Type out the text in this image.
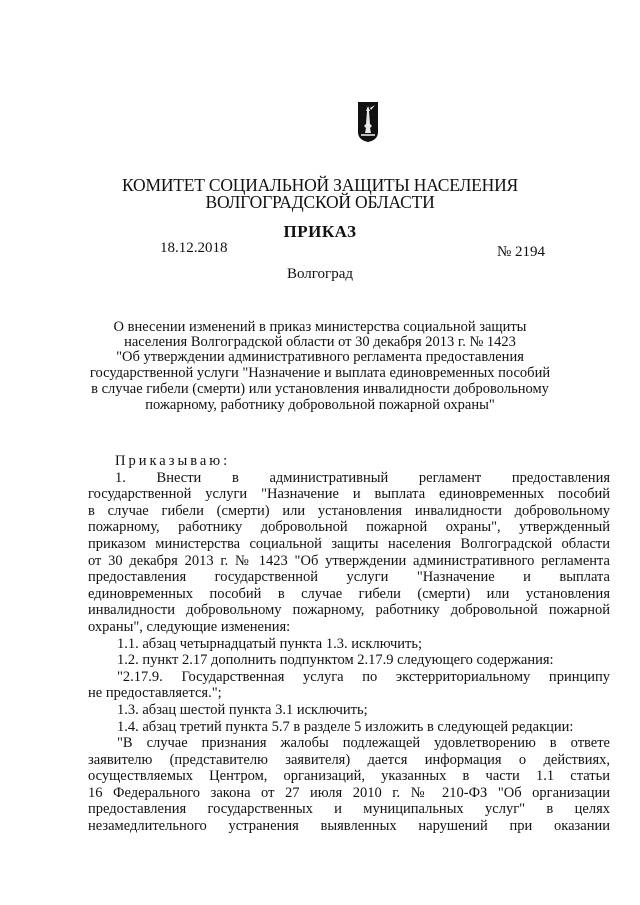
КОМИТЕТ СОЦИАЛЬНОЙ ЗАЩИТЫ НАСЕЛЕНИЯ
ВОЛГОГРАДСКОЙ ОБЛАСТИ
ПРИКАЗ
18.12.2018	№ 2194
Волгоград
О внесении изменений в приказ министерства социальной защиты
населения Волгоградской области от 30 декабря 2013 г. № 1423
"Об утверждении административного регламента предоставления
государственной услуги "Назначение и выплата единовременных пособий
в случае гибели (смерти) или установления инвалидности добровольному
пожарному, работнику добровольной пожарной охраны"
Приказываю:
1. Внести в административный регламент предоставления
государственной услуги "Назначение и выплата единовременных пособий
в случае гибели (смерти) или установления инвалидности добровольному
пожарному, работнику добровольной пожарной охраны", утвержденный
приказом министерства социальной защиты населения Волгоградской области
от 30 декабря 2013 г. № 1423 "Об утверждении административного регламента
предоставления государственной услуги "Назначение и выплата
единовременных пособий в случае гибели (смерти) или установления
инвалидности добровольному пожарному, работнику добровольной пожарной
охраны", следующие изменения:
1.1. абзац четырнадцатый пункта 1.3. исключить;
1.2. пункт 2.17 дополнить подпунктом 2.17.9 следующего содержания:
"2.17.9. Государственная услуга по экстерриториальному принципу
не предоставляется.";
1.3. абзац шестой пункта 3.1 исключить;
1.4. абзац третий пункта 5.7 в разделе 5 изложить в следующей редакции:
"В случае признания жалобы подлежащей удовлетворению в ответе
заявителю (представителю заявителя) дается информация о действиях,
осуществляемых Центром, организаций, указанных в части 1.1 статьи
16 Федерального закона от 27 июля 2010 г. № 210-ФЗ "Об организации
предоставления государственных и муниципальных услуг" в целях
незамедлительного устранения выявленных нарушений при оказании
